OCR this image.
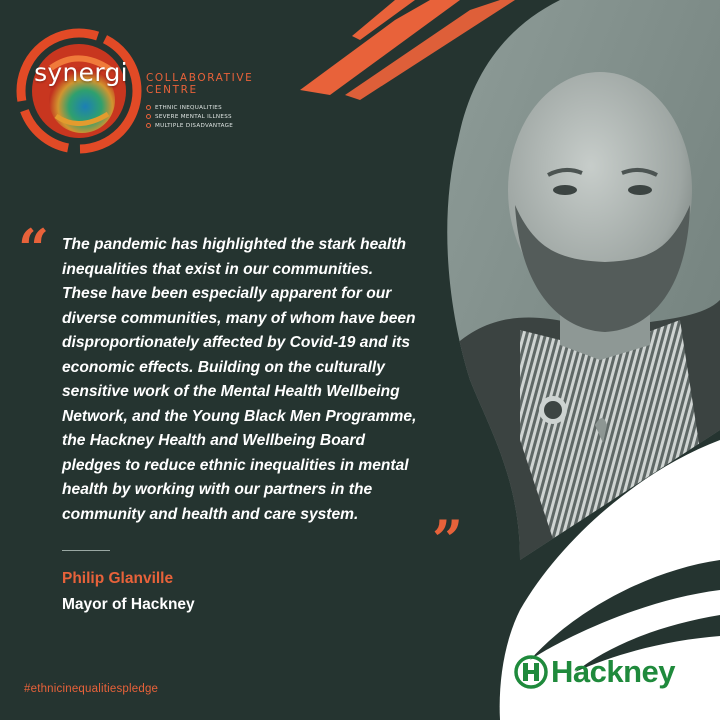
synergi	COLLABORATIVE
CENTRE
ETHNIC INEQUALITIES
SEVERE MENTAL ILLNESS
MULTIPLE DISADVANTAGE
“ The pandemic has highlighted the stark health
inequalities that exist in our communities.
These have been especially apparent for our
diverse communities, many of whom have been
disproportionately affected by Covid-19 and its
economic effects. Building on the culturally
sensitive work of the Mental Health Wellbeing
Network, and the Young Black Men Programme,
the Hackney Health and Wellbeing Board
pledges to reduce ethnic inequalities in mental
health by working with our partners in the
community and health and care system.	”
Philip Glanville
Mayor of Hackney
#ethnicinequalitiespledge	Hackney
